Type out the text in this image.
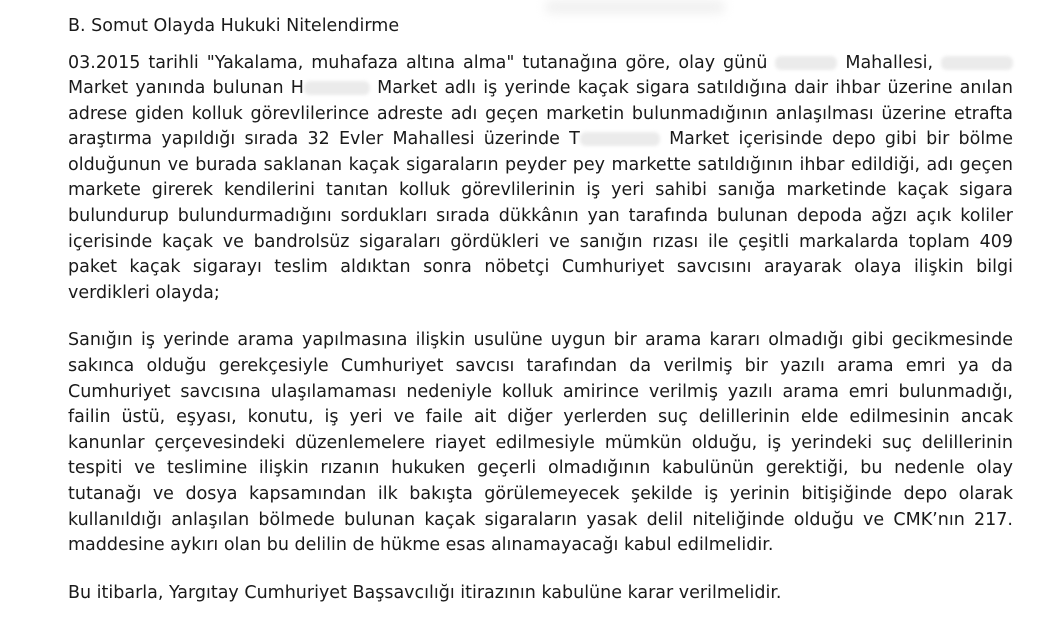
B. Somut Olayda Hukuki Nitelendirme

03.2015 tarihli "Yakalama, muhafaza altına alma" tutanağına göre, olay günü	Mahallesi,  Market yanında bulunan H	Market adlı iş yerinde kaçak sigara satıldığına dair ihbar üzerine anılan adrese giden kolluk görevlilerince adreste adı geçen marketin bulunmadığının anlaşılması üzerine etrafta araştırma yapıldığı sırada 32 Evler Mahallesi üzerinde T	Market içerisinde depo gibi bir bölme olduğunun ve burada saklanan kaçak sigaraların peyder pey markette satıldığının ihbar edildiği, adı geçen markete girerek kendilerini tanıtan kolluk görevlilerinin iş yeri sahibi sanığa marketinde kaçak sigara bulundurup bulundurmadığını sordukları sırada dükkânın yan tarafında bulunan depoda ağzı açık koliler içerisinde kaçak ve bandrolsüz sigaraları gördükleri ve sanığın rızası ile çeşitli markalarda toplam 409 paket kaçak sigarayı teslim aldıktan sonra nöbetçi Cumhuriyet savcısını arayarak olaya ilişkin bilgi verdikleri olayda;

Sanığın iş yerinde arama yapılmasına ilişkin usulüne uygun bir arama kararı olmadığı gibi gecikmesinde sakınca olduğu gerekçesiyle Cumhuriyet savcısı tarafından da verilmiş bir yazılı arama emri ya da Cumhuriyet savcısına ulaşılamaması nedeniyle kolluk amirince verilmiş yazılı arama emri bulunmadığı, failin üstü, eşyası, konutu, iş yeri ve faile ait diğer yerlerden suç delillerinin elde edilmesinin ancak kanunlar çerçevesindeki düzenlemelere riayet edilmesiyle mümkün olduğu, iş yerindeki suç delillerinin tespiti ve teslimine ilişkin rızanın hukuken geçerli olmadığının kabulünün gerektiği, bu nedenle olay tutanağı ve dosya kapsamından ilk bakışta görülemeyecek şekilde iş yerinin bitişiğinde depo olarak kullanıldığı anlaşılan bölmede bulunan kaçak sigaraların yasak delil niteliğinde olduğu ve CMK’nın 217. maddesine aykırı olan bu delilin de hükme esas alınamayacağı kabul edilmelidir.

Bu itibarla, Yargıtay Cumhuriyet Başsavcılığı itirazının kabulüne karar verilmelidir.
